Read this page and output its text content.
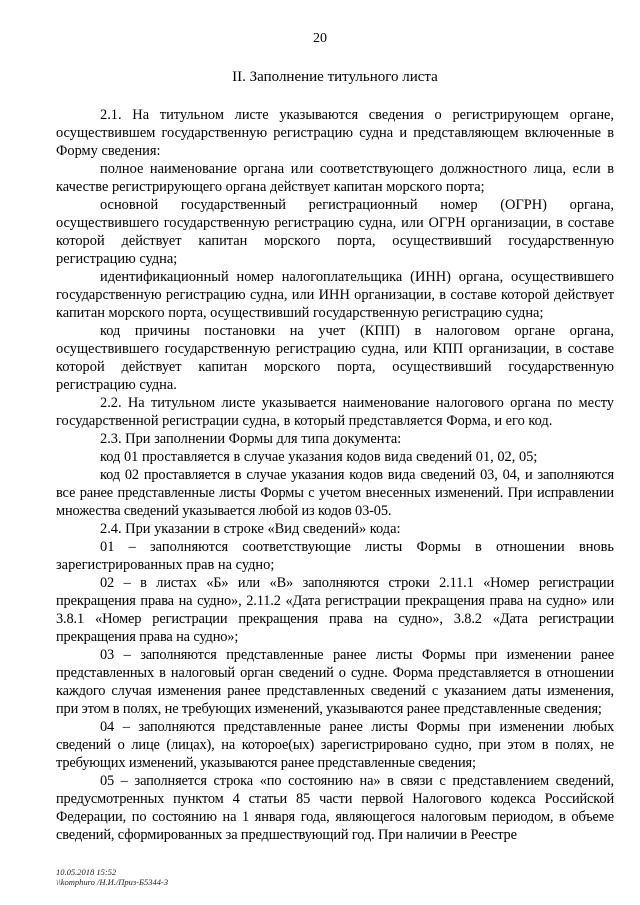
20
II. Заполнение титульного листа

2.1. На титульном листе указываются сведения о регистрирующем органе, осуществившем государственную регистрацию судна и представляющем включенные в Форму сведения:

полное наименование органа или соответствующего должностного лица, если в качестве регистрирующего органа действует капитан морского порта;

основной государственный регистрационный номер (ОГРН) органа, осуществившего государственную регистрацию судна, или ОГРН организации, в составе которой действует капитан морского порта, осуществивший государственную регистрацию судна;

идентификационный номер налогоплательщика (ИНН) органа, осуществившего государственную регистрацию судна, или ИНН организации, в составе которой действует капитан морского порта, осуществивший государственную регистрацию судна;

код причины постановки на учет (КПП) в налоговом органе органа, осуществившего государственную регистрацию судна, или КПП организации, в составе которой действует капитан морского порта, осуществивший государственную регистрацию судна.

2.2. На титульном листе указывается наименование налогового органа по месту государственной регистрации судна, в который представляется Форма, и его код.

2.3. При заполнении Формы для типа документа:

код 01 проставляется в случае указания кодов вида сведений 01, 02, 05;

код 02 проставляется в случае указания кодов вида сведений 03, 04, и заполняются все ранее представленные листы Формы с учетом внесенных изменений. При исправлении множества сведений указывается любой из кодов 03-05.

2.4. При указании в строке «Вид сведений» кода:

01 – заполняются соответствующие листы Формы в отношении вновь зарегистрированных прав на судно;

02 – в листах «Б» или «В» заполняются строки 2.11.1 «Номер регистрации прекращения права на судно», 2.11.2 «Дата регистрации прекращения права на судно» или 3.8.1 «Номер регистрации прекращения права на судно», 3.8.2 «Дата регистрации прекращения права на судно»;

03 – заполняются представленные ранее листы Формы при изменении ранее представленных в налоговый орган сведений о судне. Форма представляется в отношении каждого случая изменения ранее представленных сведений с указанием даты изменения, при этом в полях, не требующих изменений, указываются ранее представленные сведения;

04 – заполняются представленные ранее листы Формы при изменении любых сведений о лице (лицах), на которое(ых) зарегистрировано судно, при этом в полях, не требующих изменений, указываются ранее представленные сведения;

05 – заполняется строка «по состоянию на» в связи с представлением сведений, предусмотренных пунктом 4 статьи 85 части первой Налогового кодекса Российской Федерации, по состоянию на 1 января года, являющегося налоговым периодом, в объеме сведений, сформированных за предшествующий год. При наличии в Реестре

10.05.2018 15:52
\\komphuro /Н.И./Приз-Б5344-3
